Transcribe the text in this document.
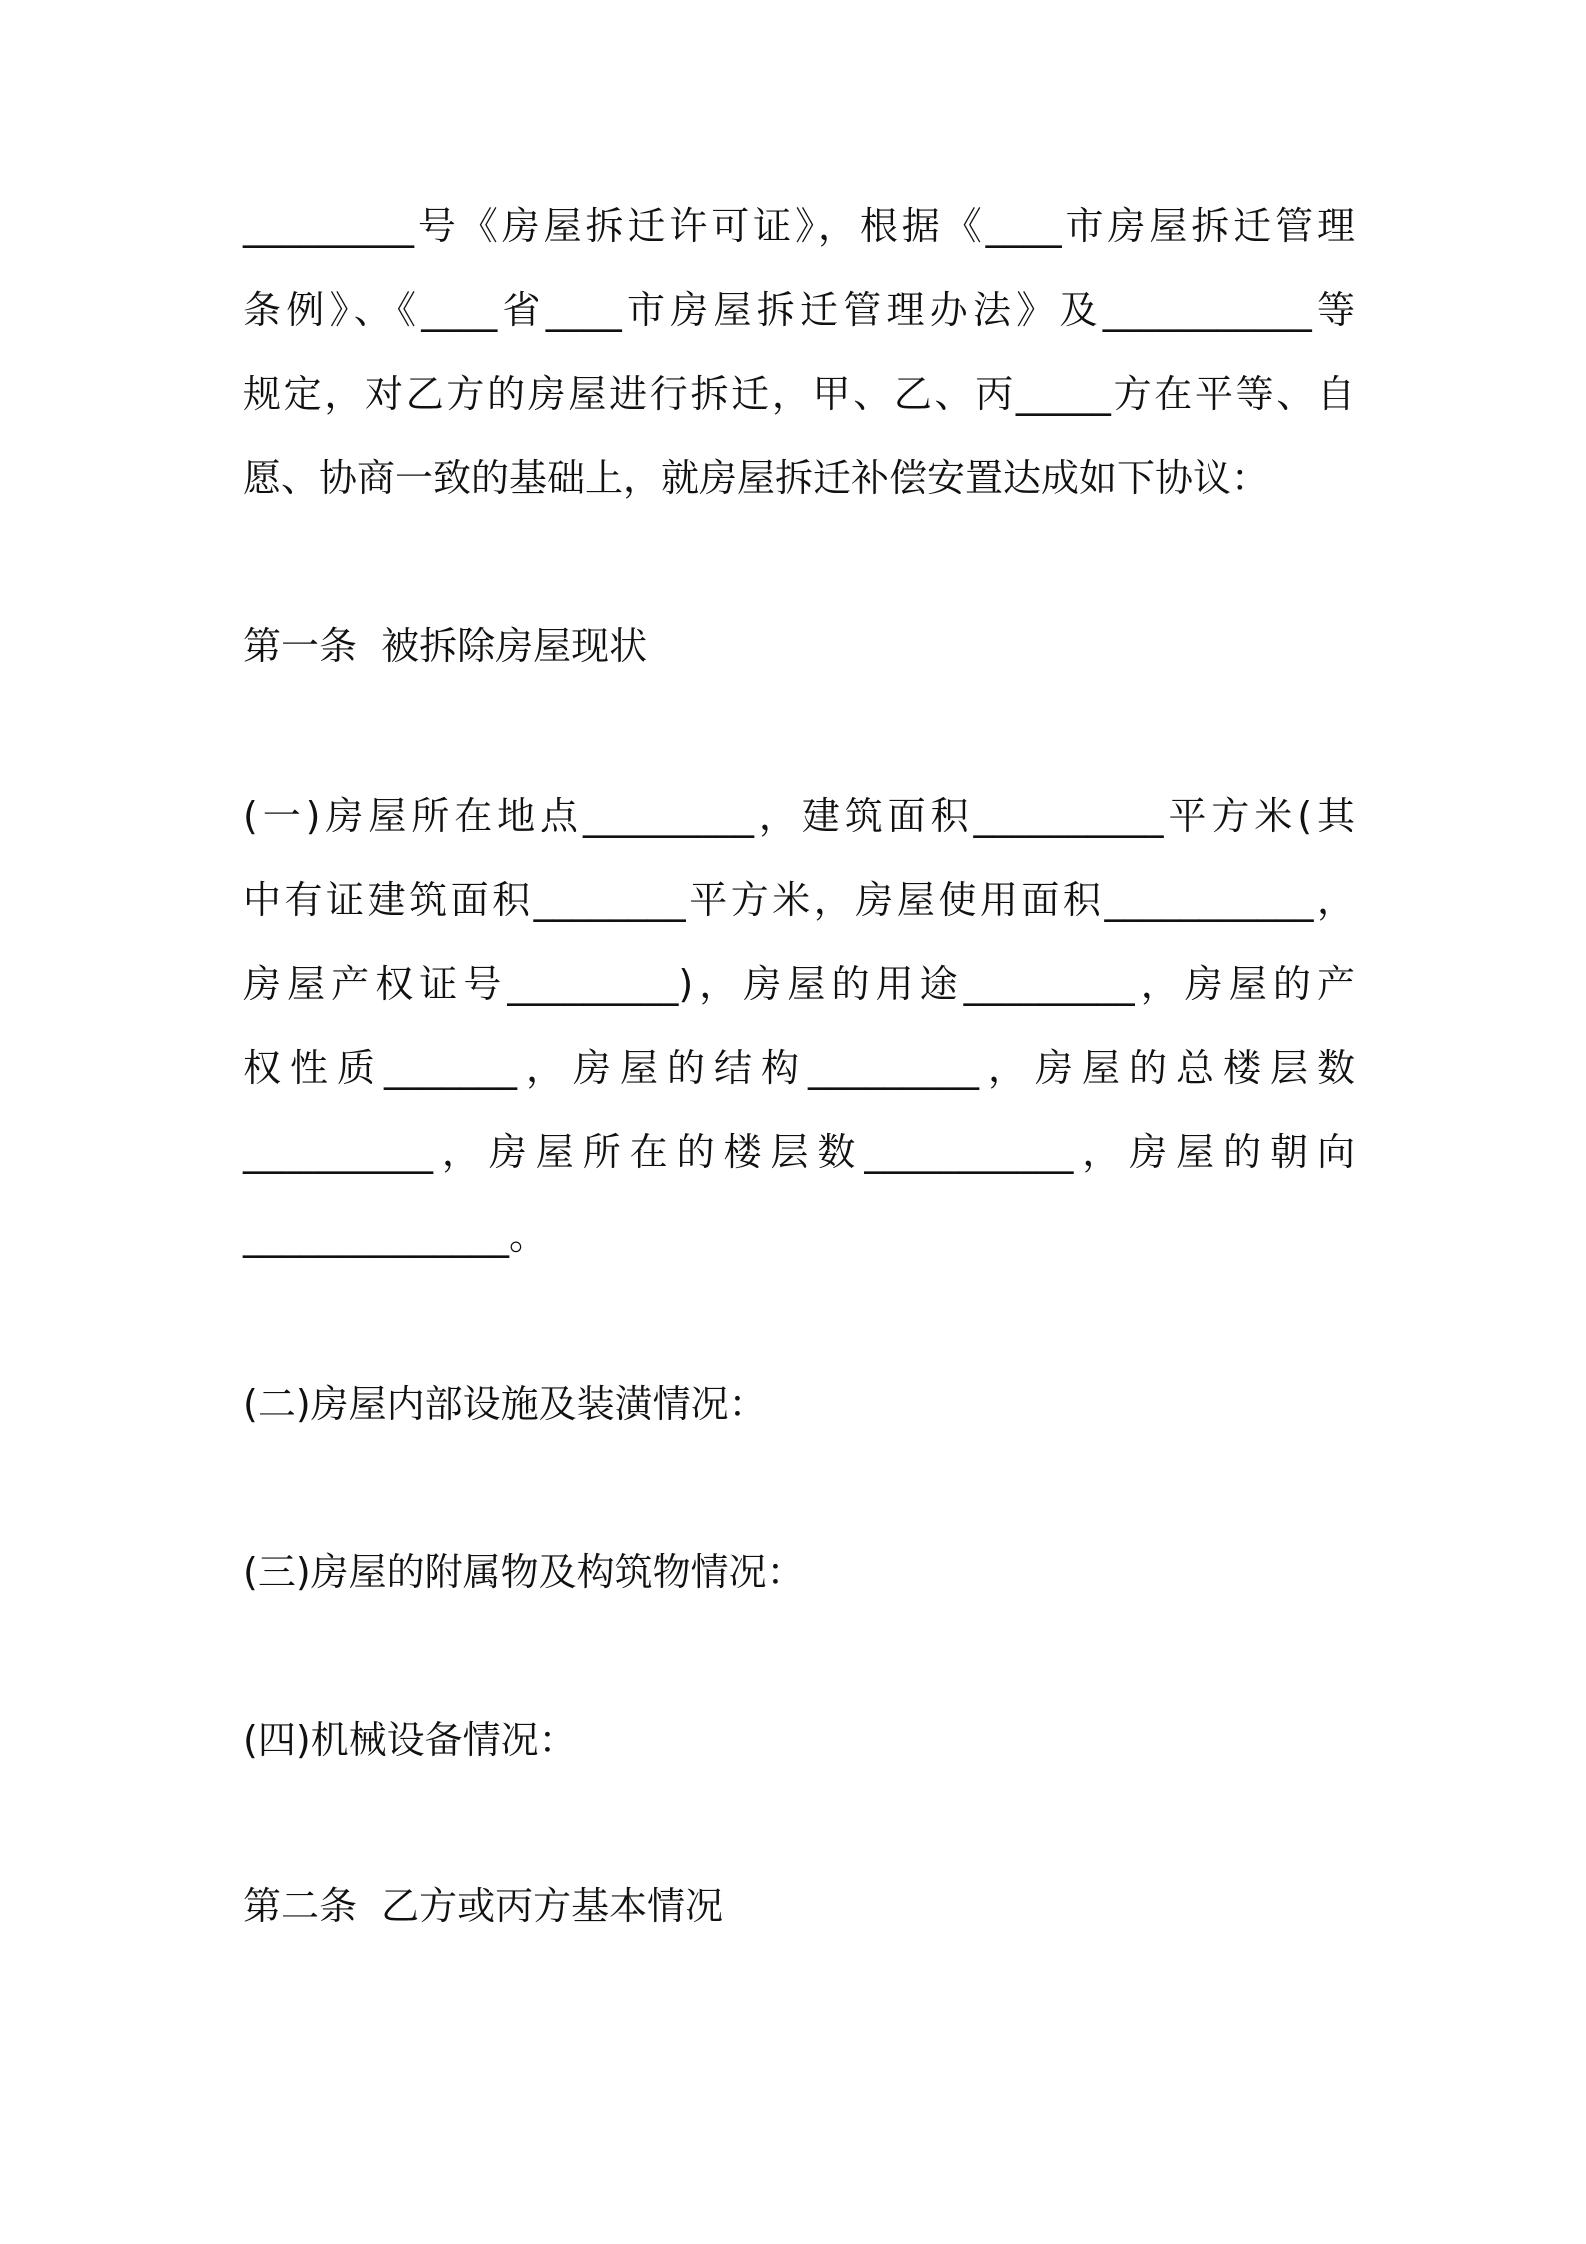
_________号《房屋拆迁许可证》，根据《____市房屋拆迁管理
条例》、《____省____市房屋拆迁管理办法》及___________等
规定，对乙方的房屋进行拆迁，甲、乙、丙_____方在平等、自
愿、协商一致的基础上，就房屋拆迁补偿安置达成如下协议：
第一条  被拆除房屋现状
(一)房屋所在地点_________，建筑面积__________平方米(其
中有证建筑面积________平方米，房屋使用面积___________，
房屋产权证号_________)，房屋的用途_________，房屋的产
权性质_______，房屋的结构_________，房屋的总楼层数
__________，房屋所在的楼层数___________，房屋的朝向
______________。
(二)房屋内部设施及装潢情况：
(三)房屋的附属物及构筑物情况：
(四)机械设备情况：
第二条  乙方或丙方基本情况
